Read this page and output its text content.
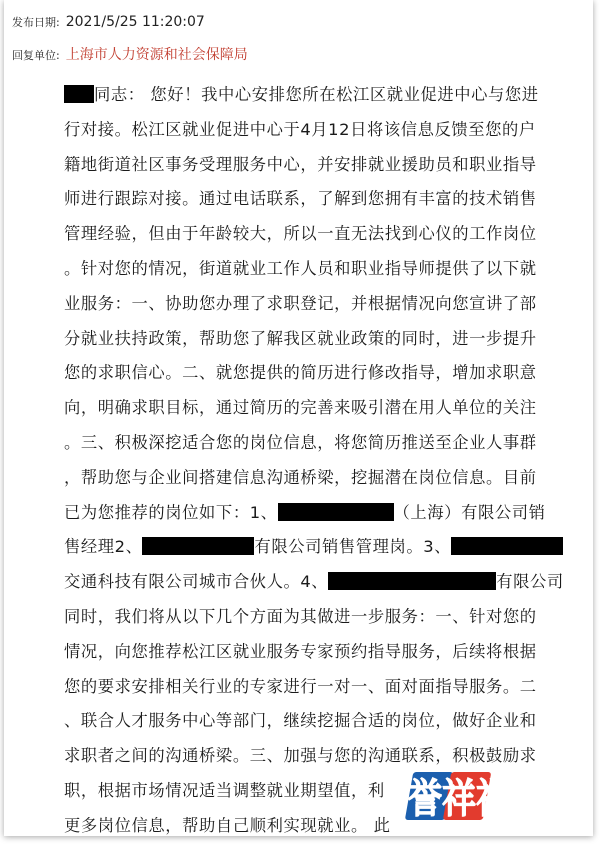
发布日期: 2021/5/25 11:20:07
回复单位: 上海市人力资源和社会保障局
同志： 您好！我中心安排您所在松江区就业促进中心与您进
行对接。松江区就业促进中心于4月12日将该信息反馈至您的户
籍地街道社区事务受理服务中心，并安排就业援助员和职业指导
师进行跟踪对接。通过电话联系，了解到您拥有丰富的技术销售
管理经验，但由于年龄较大，所以一直无法找到心仪的工作岗位
。针对您的情况，街道就业工作人员和职业指导师提供了以下就
业服务：一、协助您办理了求职登记，并根据情况向您宣讲了部
分就业扶持政策，帮助您了解我区就业政策的同时，进一步提升
您的求职信心。二、就您提供的简历进行修改指导，增加求职意
向，明确求职目标，通过简历的完善来吸引潜在用人单位的关注
。三、积极深挖适合您的岗位信息，将您简历推送至企业人事群
，帮助您与企业间搭建信息沟通桥梁，挖掘潜在岗位信息。目前
已为您推荐的岗位如下：1、	（上海）有限公司销
售经理2、	有限公司销售管理岗。3、
交通科技有限公司城市合伙人。4、	有限公司
同时，我们将从以下几个方面为其做进一步服务：一、针对您的
情况，向您推荐松江区就业服务专家预约指导服务，后续将根据
您的要求安排相关行业的专家进行一对一、面对面指导服务。二
、联合人才服务中心等部门，继续挖掘合适的岗位，做好企业和
求职者之间的沟通桥梁。三、加强与您的沟通联系，积极鼓励求
职，根据市场情况适当调整就业期望值，利
更多岗位信息，帮助自己顺利实现就业。 此
誉祥祥知识
